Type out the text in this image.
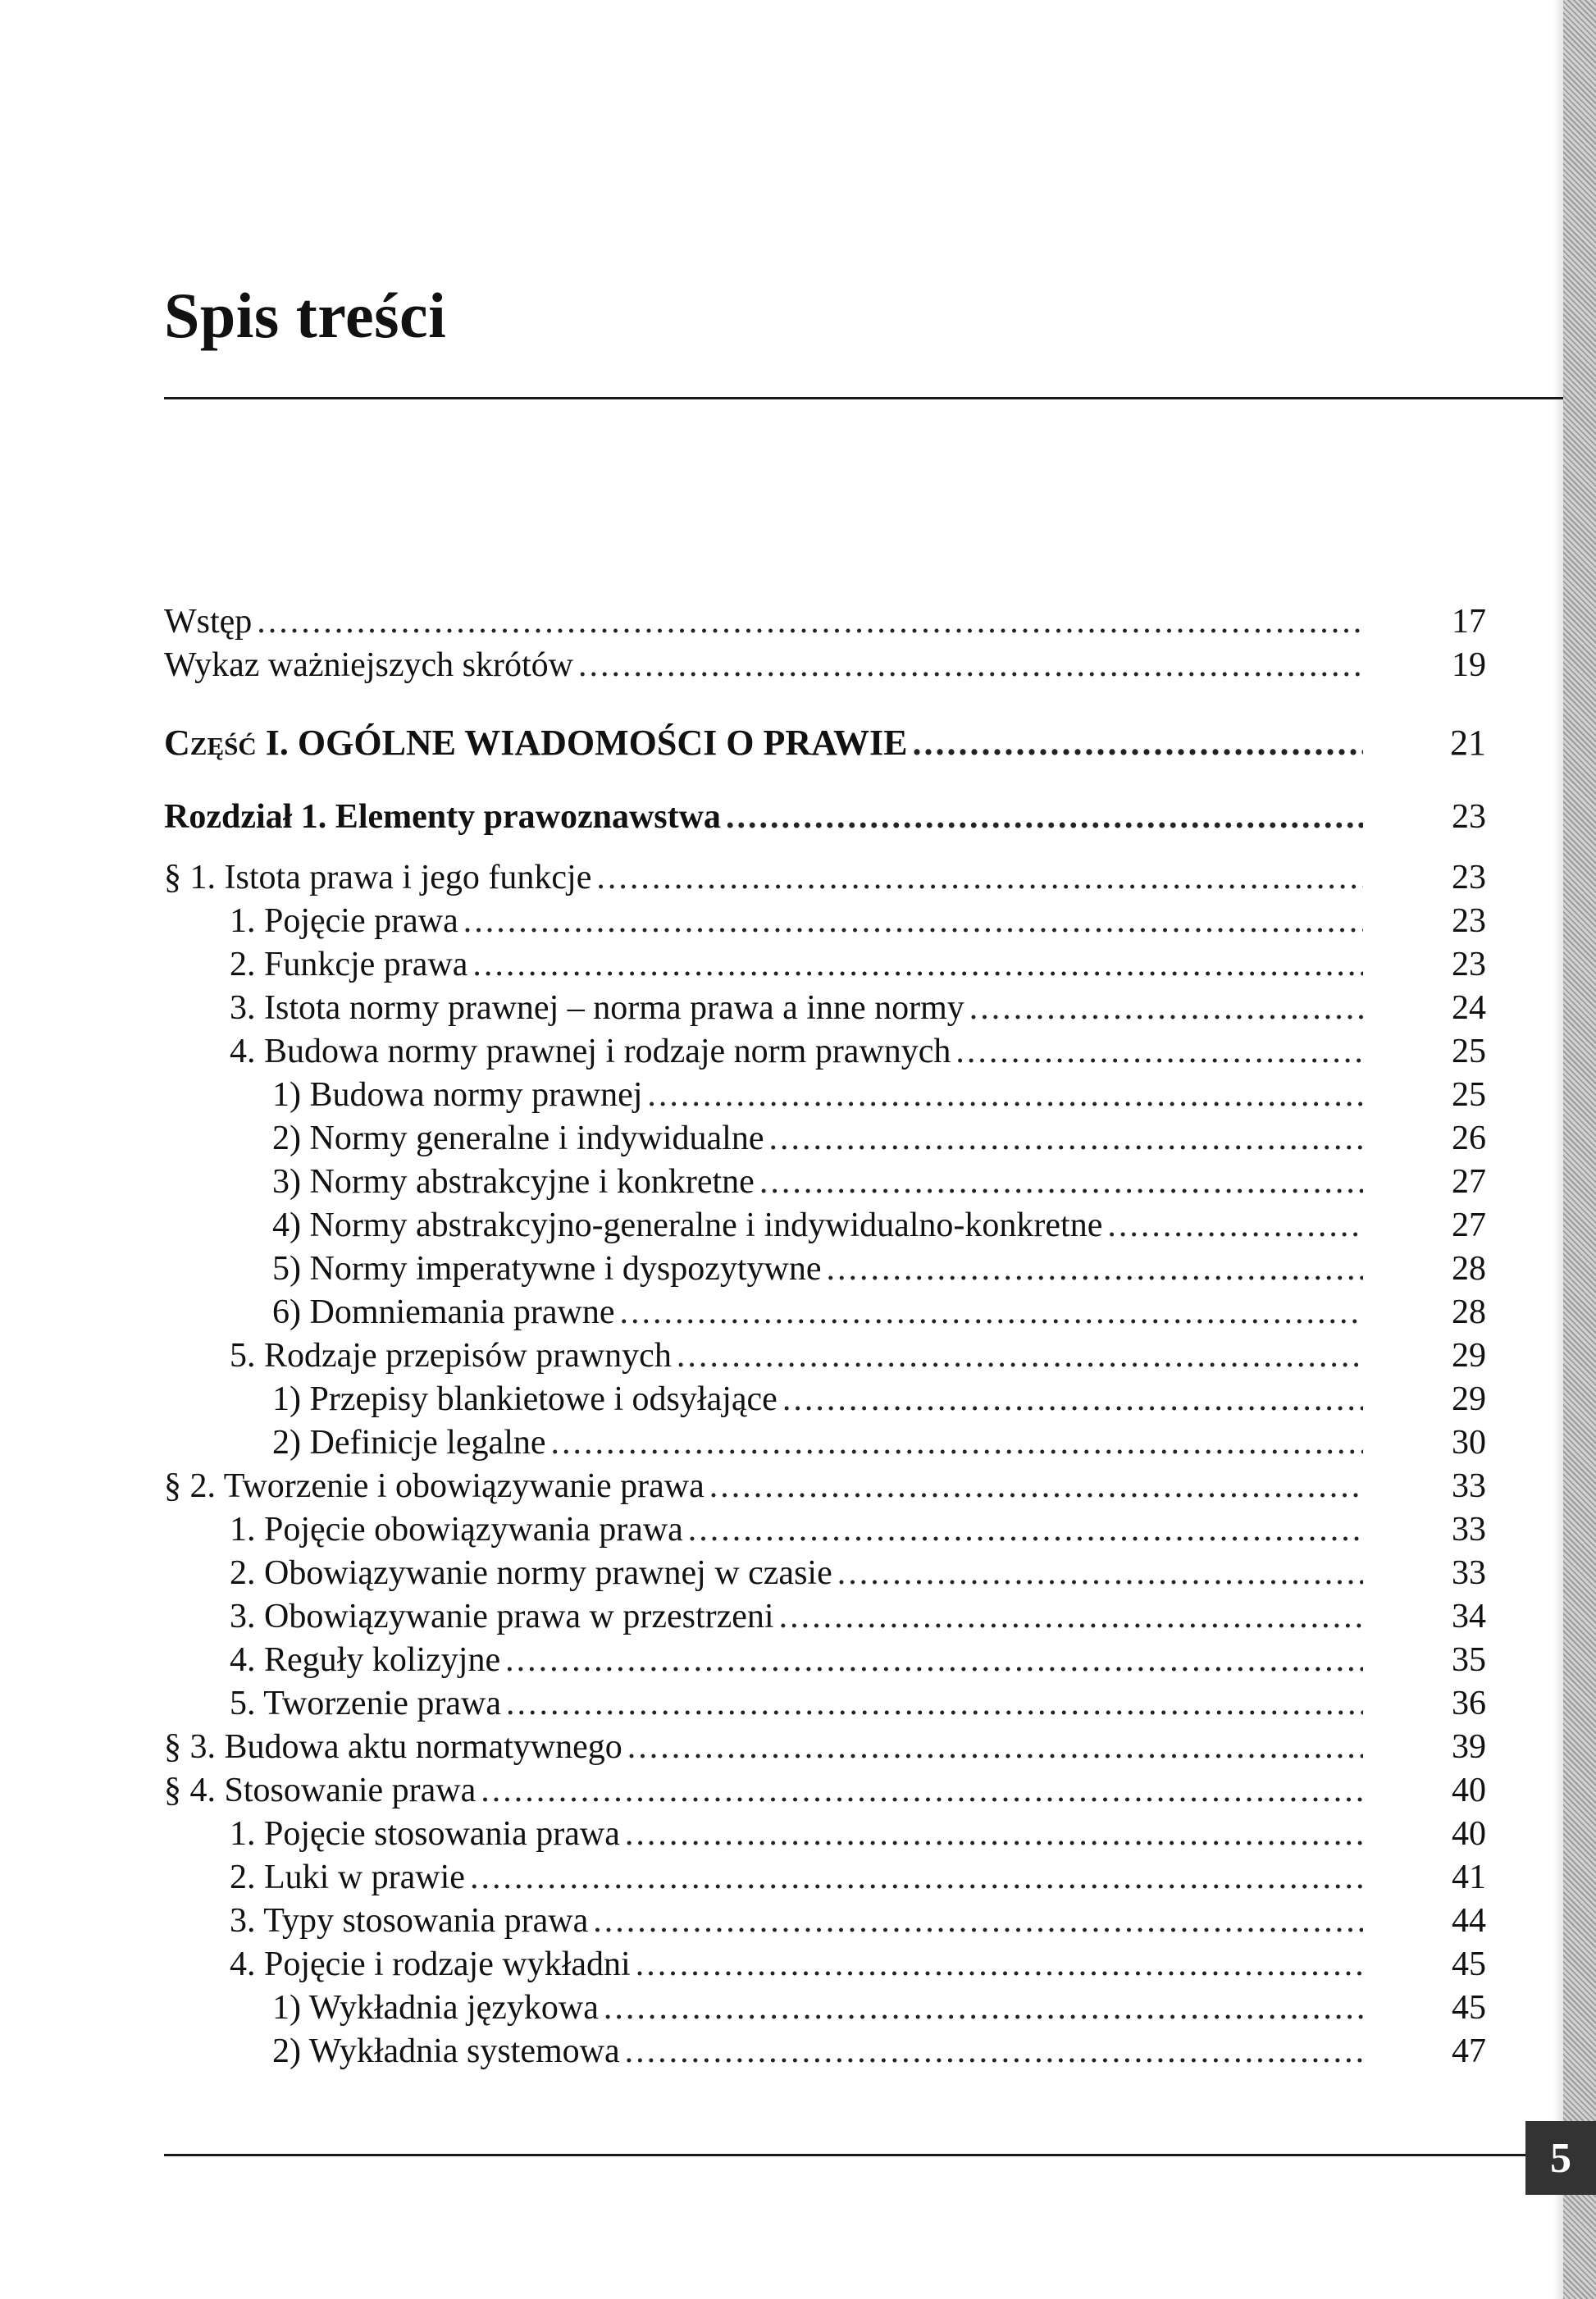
Spis treści
Wstęp .....	17
Wykaz ważniejszych skrótów .....	19
Część I. OGÓLNE WIADOMOŚCI O PRAWIE .....	21
Rozdział 1. Elementy prawoznawstwa .....	23
§ 1. Istota prawa i jego funkcje .....	23
1. Pojęcie prawa .....	23
2. Funkcje prawa .....	23
3. Istota normy prawnej – norma prawa a inne normy .....	24
4. Budowa normy prawnej i rodzaje norm prawnych .....	25
1) Budowa normy prawnej .....	25
2) Normy generalne i indywidualne .....	26
3) Normy abstrakcyjne i konkretne .....	27
4) Normy abstrakcyjno-generalne i indywidualno-konkretne .....	27
5) Normy imperatywne i dyspozytywne .....	28
6) Domniemania prawne .....	28
5. Rodzaje przepisów prawnych .....	29
1) Przepisy blankietowe i odsyłające .....	29
2) Definicje legalne .....	30
§ 2. Tworzenie i obowiązywanie prawa .....	33
1. Pojęcie obowiązywania prawa .....	33
2. Obowiązywanie normy prawnej w czasie .....	33
3. Obowiązywanie prawa w przestrzeni .....	34
4. Reguły kolizyjne .....	35
5. Tworzenie prawa .....	36
§ 3. Budowa aktu normatywnego .....	39
§ 4. Stosowanie prawa .....	40
1. Pojęcie stosowania prawa .....	40
2. Luki w prawie .....	41
3. Typy stosowania prawa .....	44
4. Pojęcie i rodzaje wykładni .....	45
1) Wykładnia językowa .....	45
2) Wykładnia systemowa .....	47
5
